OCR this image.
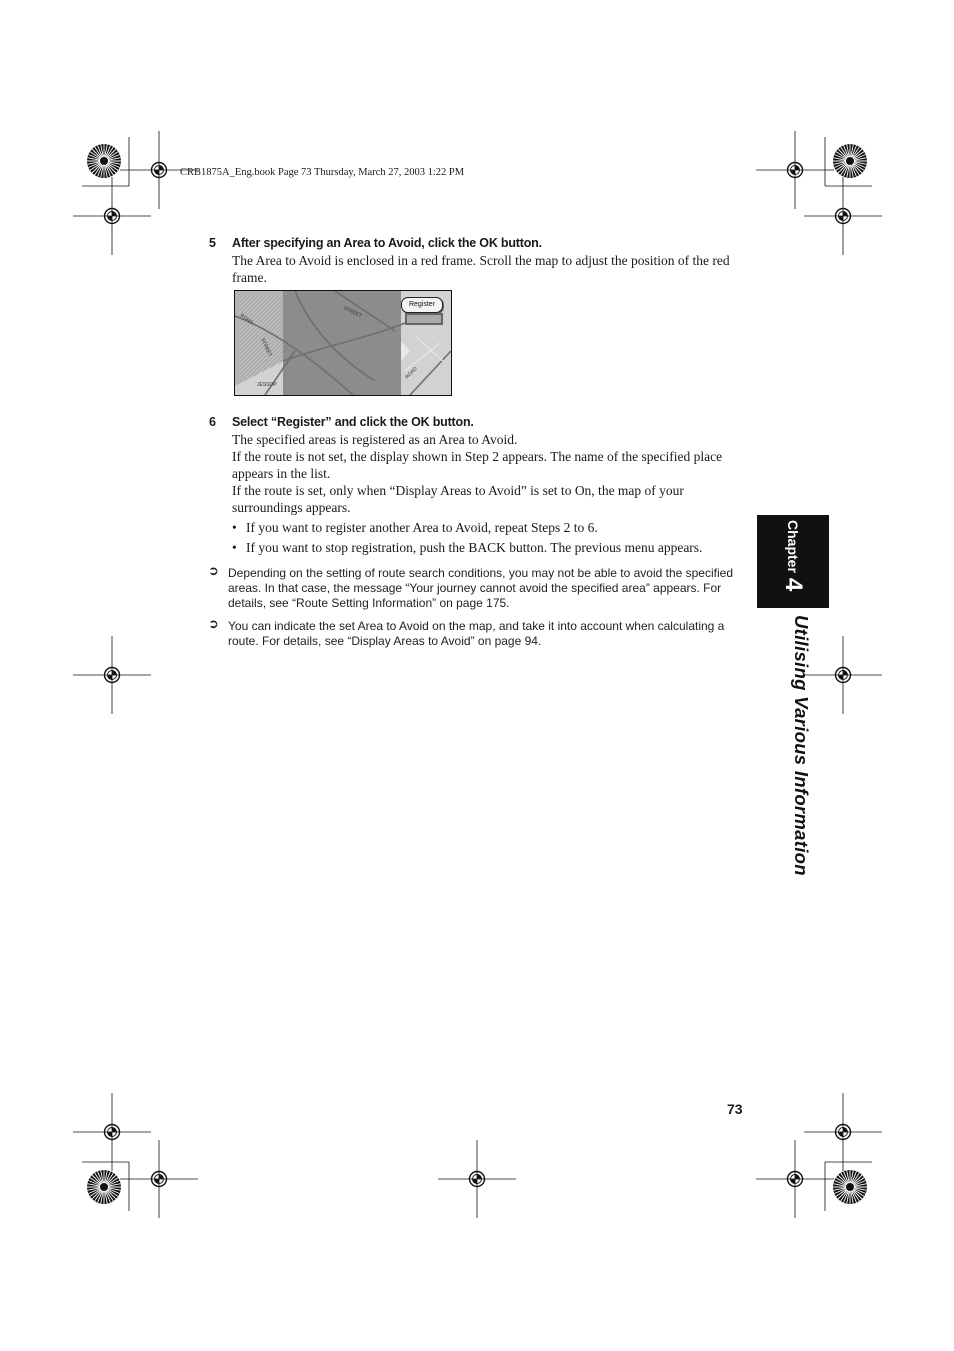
CRB1875A_Eng.book Page 73 Thursday, March 27, 2003 1:22 PM
5 After specifying an Area to Avoid, click the OK button.

The Area to Avoid is enclosed in a red frame. Scroll the map to adjust the position of the red frame.

ROAD
STREET
STREET
ROAD
JESSOP
Register
6 Select “Register” and click the OK button.

The specified areas is registered as an Area to Avoid.

If the route is not set, the display shown in Step 2 appears. The name of the specified place appears in the list.

If the route is set, only when “Display Areas to Avoid” is set to On, the map of your surroundings appears.

• If you want to register another Area to Avoid, repeat Steps 2 to 6.

• If you want to stop registration, push the BACK button. The previous menu appears.

➲ Depending on the setting of route search conditions, you may not be able to avoid the specified areas. In that case, the message “Your journey cannot avoid the specified area” appears. For details, see “Route Setting Information” on page 175.
➲ You can indicate the set Area to Avoid on the map, and take it into account when calculating a route. For details, see “Display Areas to Avoid” on page 94.
Chapter
4
Utilising Various Information
73
